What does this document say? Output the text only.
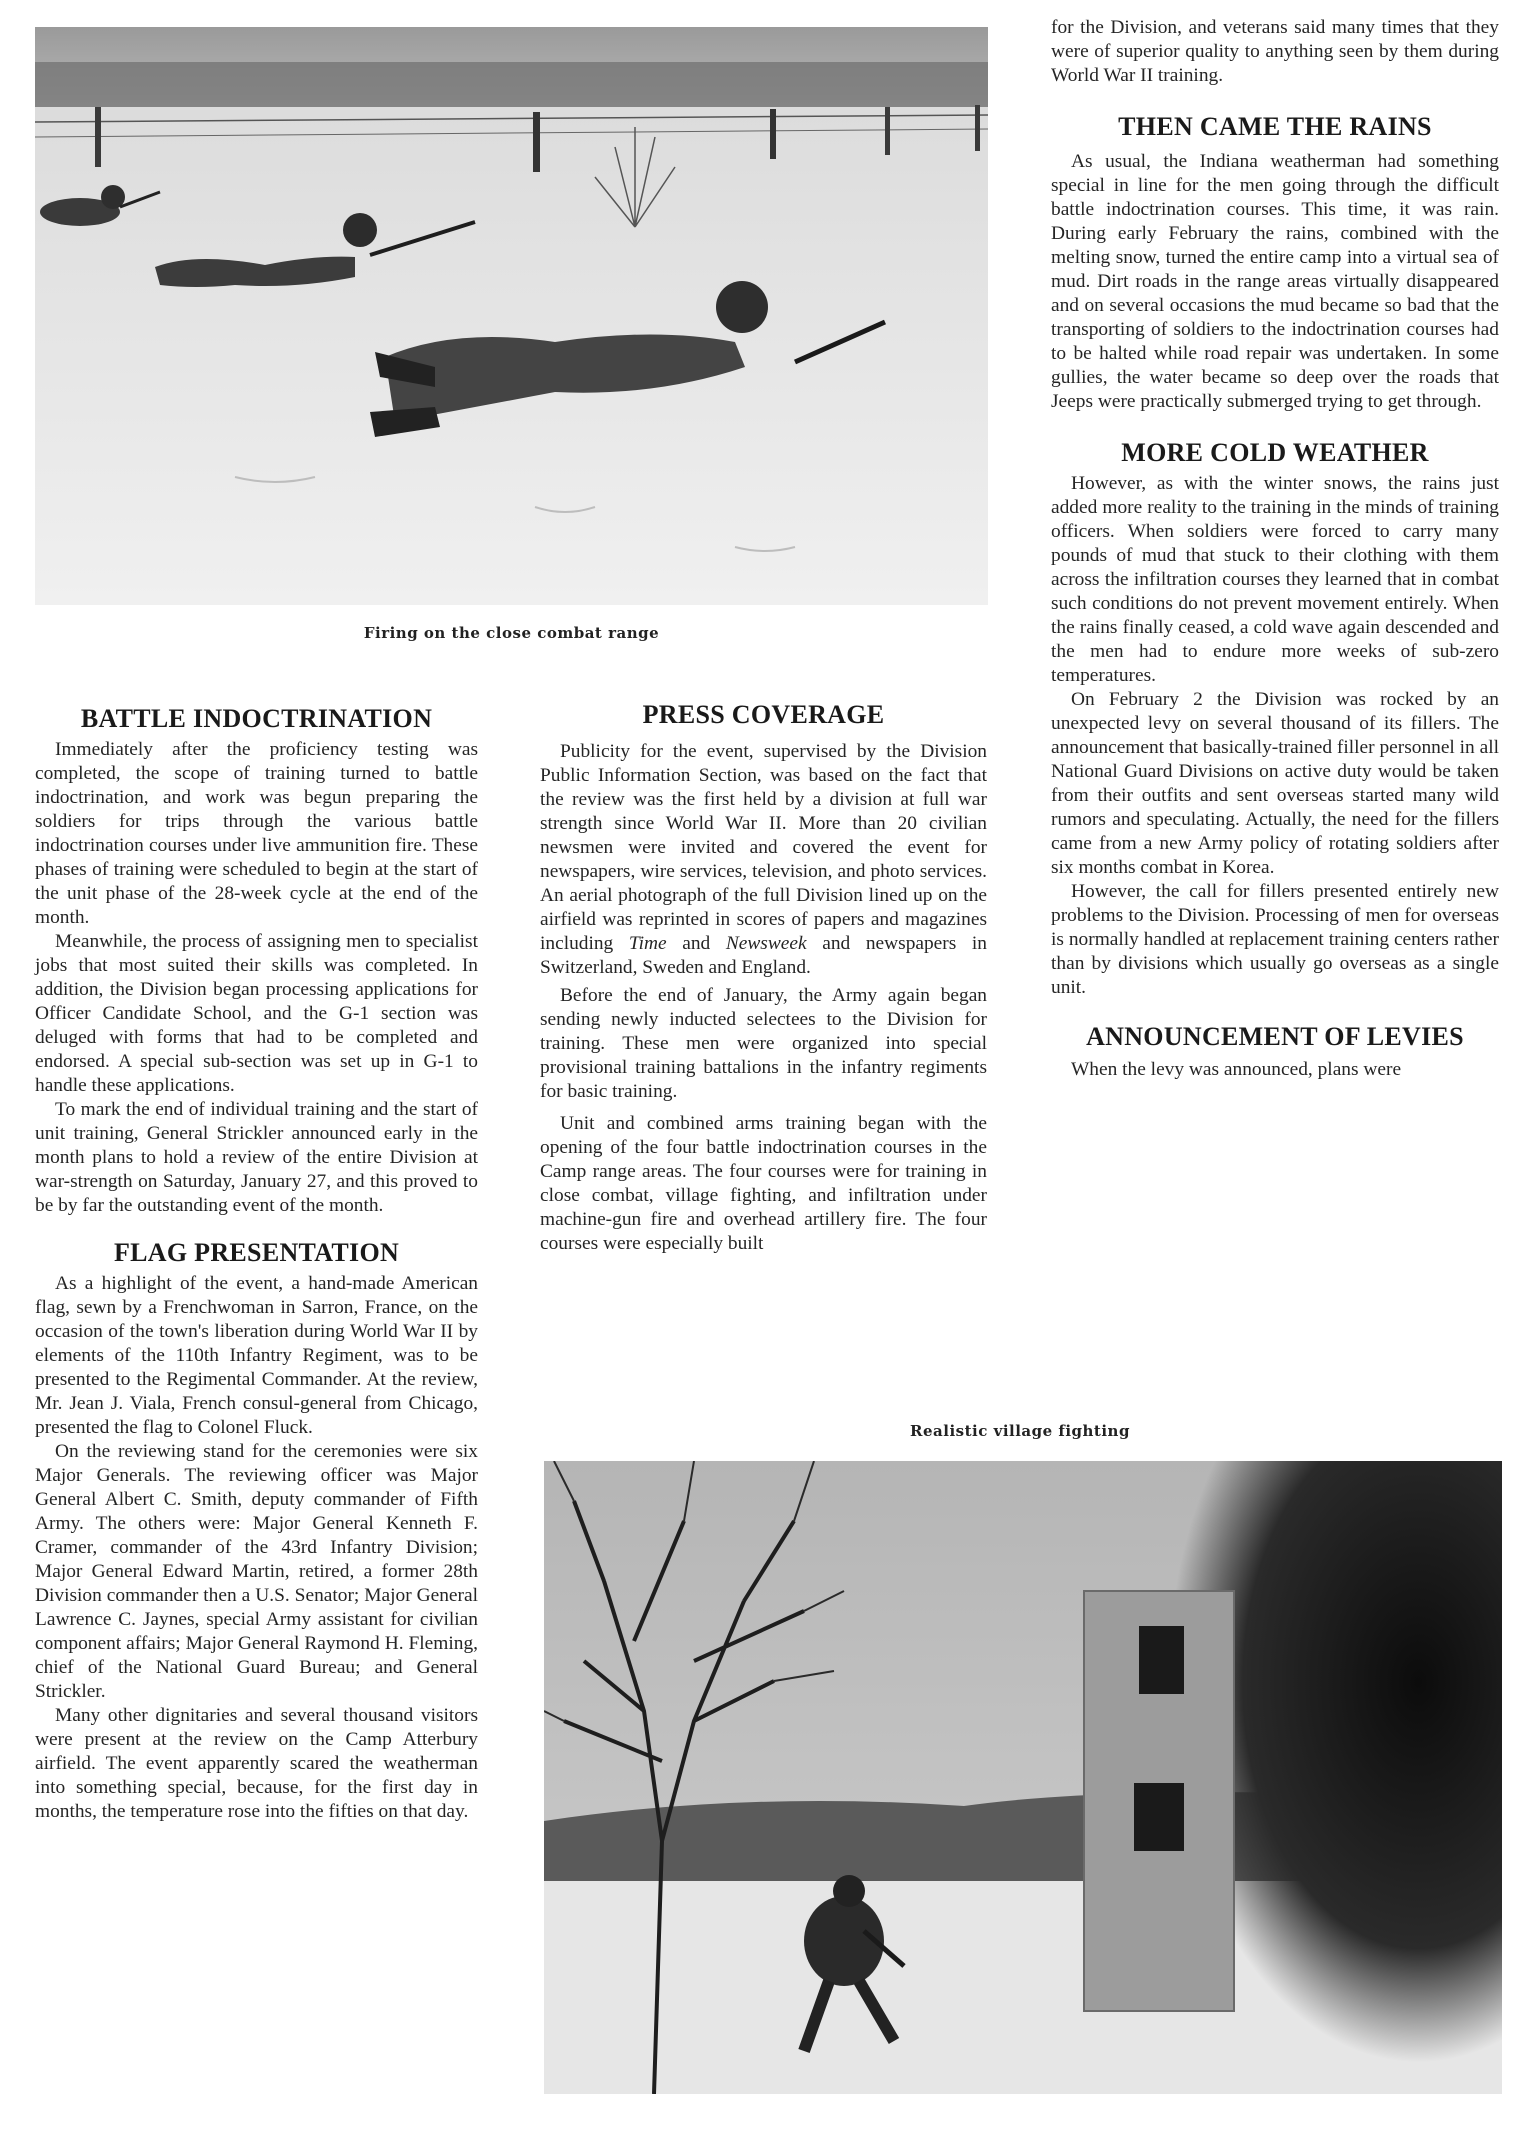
Firing on the close combat range
BATTLE INDOCTRINATION

Immediately after the proficiency testing was completed, the scope of training turned to battle indoctrination, and work was begun preparing the soldiers for trips through the various battle indoctrination courses under live ammunition fire. These phases of training were scheduled to begin at the start of the unit phase of the 28-week cycle at the end of the month.

Meanwhile, the process of assigning men to specialist jobs that most suited their skills was completed. In addition, the Division began processing applications for Officer Candidate School, and the G-1 section was deluged with forms that had to be completed and endorsed. A special sub-section was set up in G-1 to handle these applications.

To mark the end of individual training and the start of unit training, General Strickler announced early in the month plans to hold a review of the entire Division at war-strength on Saturday, January 27, and this proved to be by far the outstanding event of the month.

FLAG PRESENTATION

As a highlight of the event, a hand-made American flag, sewn by a Frenchwoman in Sarron, France, on the occasion of the town's liberation during World War II by elements of the 110th Infantry Regiment, was to be presented to the Regimental Commander. At the review, Mr. Jean J. Viala, French consul-general from Chicago, presented the flag to Colonel Fluck.

On the reviewing stand for the ceremonies were six Major Generals. The reviewing officer was Major General Albert C. Smith, deputy commander of Fifth Army. The others were: Major General Kenneth F. Cramer, commander of the 43rd Infantry Division; Major General Edward Martin, retired, a former 28th Division commander then a U.S. Senator; Major General Lawrence C. Jaynes, special Army assistant for civilian component affairs; Major General Raymond H. Fleming, chief of the National Guard Bureau; and General Strickler.

Many other dignitaries and several thousand visitors were present at the review on the Camp Atterbury airfield. The event apparently scared the weatherman into something special, because, for the first day in months, the temperature rose into the fifties on that day.

PRESS COVERAGE

Publicity for the event, supervised by the Division Public Information Section, was based on the fact that the review was the first held by a division at full war strength since World War II. More than 20 civilian newsmen were invited and covered the event for newspapers, wire services, television, and photo services. An aerial photograph of the full Division lined up on the airfield was reprinted in scores of papers and magazines including Time and Newsweek and newspapers in Switzerland, Sweden and England.

Before the end of January, the Army again began sending newly inducted selectees to the Division for training. These men were organized into special provisional training battalions in the infantry regiments for basic training.

Unit and combined arms training began with the opening of the four battle indoctrination courses in the Camp range areas. The four courses were for training in close combat, village fighting, and infiltration under machine-gun fire and overhead artillery fire. The four courses were especially built

for the Division, and veterans said many times that they were of superior quality to anything seen by them during World War II training.

THEN CAME THE RAINS

As usual, the Indiana weatherman had something special in line for the men going through the difficult battle indoctrination courses. This time, it was rain. During early February the rains, combined with the melting snow, turned the entire camp into a virtual sea of mud. Dirt roads in the range areas virtually disappeared and on several occasions the mud became so bad that the transporting of soldiers to the indoctrination courses had to be halted while road repair was undertaken. In some gullies, the water became so deep over the roads that Jeeps were practically submerged trying to get through.

MORE COLD WEATHER

However, as with the winter snows, the rains just added more reality to the training in the minds of training officers. When soldiers were forced to carry many pounds of mud that stuck to their clothing with them across the infiltration courses they learned that in combat such conditions do not prevent movement entirely. When the rains finally ceased, a cold wave again descended and the men had to endure more weeks of sub-zero temperatures.

On February 2 the Division was rocked by an unexpected levy on several thousand of its fillers. The announcement that basically-trained filler personnel in all National Guard Divisions on active duty would be taken from their outfits and sent overseas started many wild rumors and speculating. Actually, the need for the fillers came from a new Army policy of rotating soldiers after six months combat in Korea.

However, the call for fillers presented entirely new problems to the Division. Processing of men for overseas is normally handled at replacement training centers rather than by divisions which usually go overseas as a single unit.

ANNOUNCEMENT OF LEVIES

When the levy was announced, plans were

Realistic village fighting
